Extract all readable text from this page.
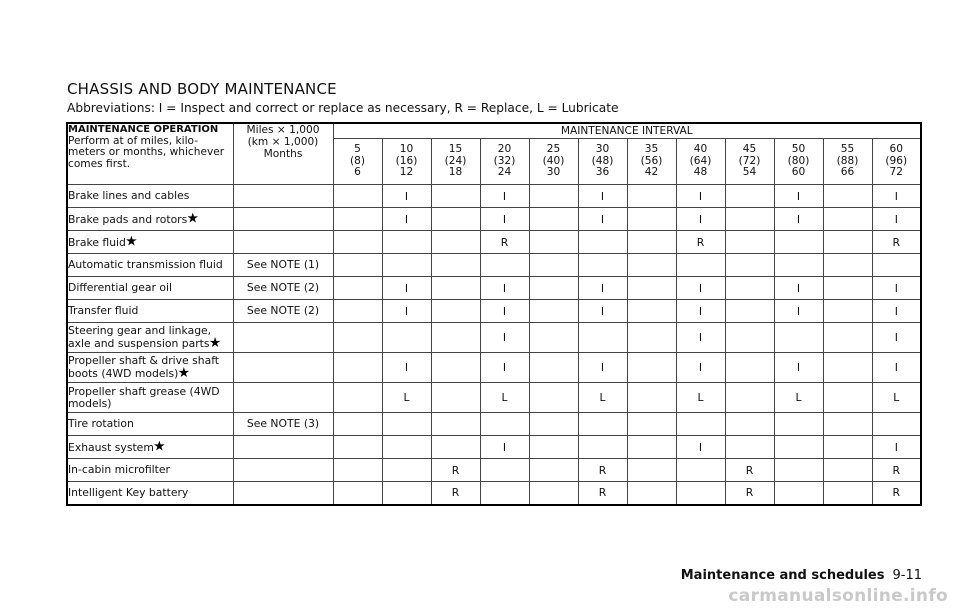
CHASSIS AND BODY MAINTENANCE
Abbreviations: I = Inspect and correct or replace as necessary, R = Replace, L = Lubricate
MAINTENANCE OPERATION
Perform at of miles, kilo- meters or months, whichever comes first.	Miles × 1,000
(km × 1,000)
Months	MAINTENANCE INTERVAL											
		5
(8)
6	10
(16)
12	15
(24)
18	20
(32)
24	25
(40)
30	30
(48)
36	35
(56)
42	40
(64)
48	45
(72)
54	50
(80)
60	55
(88)
66	60
(96)
72
Brake lines and cables			I		I		I		I		I		I
Brake pads and rotors			I		I		I		I		I		I
Brake fluid					R				R				R
Automatic transmission fluid	See NOTE (1)												
Differential gear oil	See NOTE (2)		I		I		I		I		I		I
Transfer fluid	See NOTE (2)		I		I		I		I		I		I
Steering gear and linkage, axle and suspension parts					I				I				I
Propeller shaft & drive shaft boots (4WD models)			I		I		I		I		I		I
Propeller shaft grease (4WD models)			L		L		L		L		L		L
Tire rotation	See NOTE (3)												
Exhaust system					I				I				I
In-cabin microfilter				R			R			R			R
Intelligent Key battery				R			R			R			R
Maintenance and schedules 9-11
carmanualsonline.info
